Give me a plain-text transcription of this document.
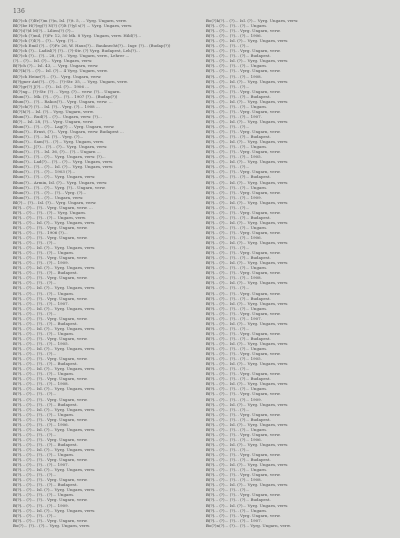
136
Bl(?)ch (?)lfr(?)m (?)n, Isl. (?)t. 5, ... Vyrg. Ungarn, verw.
Bl(?)be H(?)rg(?) N(?) (?)lt (?)yl s(?) ... Vyrg. Ungarn, verw.
Bl(?)i(?)d M(?)... Lilien(?) (?)...
Bl(?)ch (?)mil, (?)Fr. 12, 50 Mk. 8 Vyrg. Ungarn, verw. Hild(?)...
Bl(?)ch (?)l(?)... (?)... Vyrg. (?)...
Bl(?)ch Emil (?)... (?)Fr. 26, W. Haus(?)... Bauknecht(?)... Ingr. (?)... (Budap(?))
Bl(?)ch (?)... Ladisl(?) (?)... (?)-Str. (?) Vyrg. Budapest, Leh(?)...
Bl(?)ch (?)... (?)... 28, (?)... Vyrg. Ungarn, verw., Lehrer ...
(?)... (?)... Isl. (?)... Vyrg. Ungarn, verw.
B(?)ch (?)... Isl. 43, ... Vyrg. Ungarn, verw.
Bl(?)k(?)... (?)... Isl. (?)... 4 Vyrg. Ungarn, verw.
Bl(?)ch Heinr(?)... (?)... Vyrg. Ungarn, verw.
B(?)gner Ant(?)... (?)... (?)-Str. 35, ... Vyrg. Ungarn, verw.
Bl(?)gr(?) J(?)... (?)... Isl. (?)... 1906 ...
Bl(?)ng... (?)-Str. (?) ... Vyrg. (?)... verw. (?)... Ungarn.
Blum(?)... Mk. (?)... (?)... (?)... 1907 (?)... (Budap(?))
Blum(?)... (?)... Rakos(?)... Vyrg. Ungarn, verw. ...
Bl(?)ch(?) (?)... Isl. (?)... Vyrg. (?)... 1908 ...
Bl(?)h(?)... Isl. (?)... Vyrg. Ungarn, verw.
Blum(?)... Rud(?)... (?)... Ungarn, verw. (?)...
Bl(?)... Isl. 28, (?)... Vyrg. Ungarn, verw.
Blum(?)... (?)... (?)... Lag(?) ... Vyrg. Ungarn, verw.
Blum(?)... Ernst, (?)... Vyrg. Ungarn, verw. Budapest ...
Blum(?)... (?)... Isl. (?)... Vyrg. (?)...
Blum(?)... Sam(?)... (?)... Vyrg. Ungarn, verw.
Blum(?)... J(?)... (?)... (?)... Vyrg. Ungarn, verw.
Blum(?)... (?)... Isl. 36, (?)... (?)... Ungarn ...
Blum(?)... (?)... (?)... Vyrg. Ungarn, verw. (?)...
Blum(?)... Lad(?)... (?)... (?)... Vyrg. Ungarn, verw.
Blum(?)... (?)... (?)... Isl. (?)... Vyrg. Ungarn, verw.
Blum(?)... (?)... (?)... 1903 (?)...
Blum(?)... (?)... (?)... Vyrg. Ungarn, verw.
Blum(?)... Armin, Isl. (?)... Vyrg. Ungarn, verw.
Blum(?)... (?)... (?)... Vyrg. (?)... Ungarn, verw.
Blum(?)... (?)... (?)... (?)... Vyrg. (?)...
Blum(?)... (?)... (?)... Ungarn, verw.
Bl(?)... (?)... Isl. (?)... Vyrg. Ungarn, verw.
B(?)... (?)... (?)... Vyrg. Ungarn, verw. ...
B(?)... (?)... (?)... (?)... Vyrg. Ungarn.
B(?)... (?)... (?)... (?)... Ungarn, verw.
B(?)... (?)... Isl. (?)... Vyrg. Ungarn, verw.
B(?)... (?)... (?)... Vyrg. Ungarn, verw.
B(?)... (?)... (?)... 1906 (?)...
B(?)... (?)... (?)... Vyrg. Ungarn, verw.
B(?)... (?)... (?)... (?)...
B(?)... (?)... Isl. (?)... Vyrg. Ungarn, verw.
B(?)... (?)... (?)... (?)... Ungarn.
B(?)... (?)... (?)... Vyrg. Ungarn, verw.
B(?)... (?)... (?)... (?)... 1909.
B(?)... (?)... Isl. (?)... Vyrg. Ungarn, verw.
B(?)... (?)... (?)... (?)... Budapest.
B(?)... (?)... (?)... Vyrg. Ungarn, verw.
B(?)... (?)... (?)... (?)...
B(?)... (?)... Isl. (?)... Vyrg. Ungarn, verw.
B(?)... (?)... (?)... (?)... Ungarn.
B(?)... (?)... (?)... Vyrg. Ungarn, verw.
B(?)... (?)... (?)... (?)... 1907.
B(?)... (?)... Isl. (?)... Vyrg. Ungarn, verw.
B(?)... (?)... (?)... (?)...
B(?)... (?)... (?)... Vyrg. Ungarn, verw.
B(?)... (?)... (?)... (?)... Budapest.
B(?)... (?)... Isl. (?)... Vyrg. Ungarn, verw.
B(?)... (?)... (?)... (?)... Ungarn.
B(?)... (?)... (?)... Vyrg. Ungarn, verw.
B(?)... (?)... (?)... (?)... 1905.
B(?)... (?)... Isl. (?)... Vyrg. Ungarn, verw.
B(?)... (?)... (?)... (?)...
B(?)... (?)... (?)... Vyrg. Ungarn, verw.
B(?)... (?)... (?)... (?)... Budapest.
B(?)... (?)... Isl. (?)... Vyrg. Ungarn, verw.
B(?)... (?)... (?)... (?)... Ungarn.
B(?)... (?)... (?)... Vyrg. Ungarn, verw.
B(?)... (?)... (?)... (?)... 1908.
B(?)... (?)... Isl. (?)... Vyrg. Ungarn, verw.
B(?)... (?)... (?)... (?)...
B(?)... (?)... (?)... Vyrg. Ungarn, verw.
B(?)... (?)... (?)... (?)... Budapest.
B(?)... (?)... Isl. (?)... Vyrg. Ungarn, verw.
B(?)... (?)... (?)... (?)... Ungarn.
B(?)... (?)... (?)... Vyrg. Ungarn, verw.
B(?)... (?)... (?)... (?)... 1906.
B(?)... (?)... Isl. (?)... Vyrg. Ungarn, verw.
B(?)... (?)... (?)... (?)...
B(?)... (?)... (?)... Vyrg. Ungarn, verw.
B(?)... (?)... (?)... (?)... Budapest.
B(?)... (?)... Isl. (?)... Vyrg. Ungarn, verw.
B(?)... (?)... (?)... (?)... Ungarn.
B(?)... (?)... (?)... Vyrg. Ungarn, verw.
B(?)... (?)... (?)... (?)... 1907.
B(?)... (?)... Isl. (?)... Vyrg. Ungarn, verw.
B(?)... (?)... (?)... (?)...
B(?)... (?)... (?)... Vyrg. Ungarn, verw.
B(?)... (?)... (?)... (?)... Budapest.
B(?)... (?)... Isl. (?)... Vyrg. Ungarn, verw.
B(?)... (?)... (?)... (?)... Ungarn.
B(?)... (?)... (?)... Vyrg. Ungarn, verw.
B(?)... (?)... (?)... (?)... 1909.
B(?)... (?)... Isl. (?)... Vyrg. Ungarn, verw.
B(?)... (?)... (?)... (?)...
B(?)... (?)... (?)... Vyrg. Ungarn, verw.
Bo(?)... (?)... (?)... Vyrg. Ungarn, verw.
Bo(?)k(?)... (?)... Isl. (?)... Vyrg. Ungarn, verw.
B(?)... (?)... (?)... (?)... Ungarn.
B(?)... (?)... (?)... Vyrg. Ungarn, verw.
B(?)... (?)... (?)... (?)... 1906.
B(?)... (?)... Isl. (?)... Vyrg. Ungarn, verw.
B(?)... (?)... (?)... (?)...
B(?)... (?)... (?)... Vyrg. Ungarn, verw.
B(?)... (?)... (?)... (?)... Budapest.
B(?)... (?)... Isl. (?)... Vyrg. Ungarn, verw.
B(?)... (?)... (?)... (?)... Ungarn.
B(?)... (?)... (?)... Vyrg. Ungarn, verw.
B(?)... (?)... (?)... (?)... 1908.
B(?)... (?)... Isl. (?)... Vyrg. Ungarn, verw.
B(?)... (?)... (?)... (?)...
B(?)... (?)... (?)... Vyrg. Ungarn, verw.
B(?)... (?)... (?)... (?)... Budapest.
B(?)... (?)... Isl. (?)... Vyrg. Ungarn, verw.
B(?)... (?)... (?)... (?)... Ungarn.
B(?)... (?)... (?)... Vyrg. Ungarn, verw.
B(?)... (?)... (?)... (?)... 1907.
B(?)... (?)... Isl. (?)... Vyrg. Ungarn, verw.
B(?)... (?)... (?)... (?)...
B(?)... (?)... (?)... Vyrg. Ungarn, verw.
B(?)... (?)... (?)... (?)... Budapest.
B(?)... (?)... Isl. (?)... Vyrg. Ungarn, verw.
B(?)... (?)... (?)... (?)... Ungarn.
B(?)... (?)... (?)... Vyrg. Ungarn, verw.
B(?)... (?)... (?)... (?)... 1905.
B(?)... (?)... Isl. (?)... Vyrg. Ungarn, verw.
B(?)... (?)... (?)... (?)...
B(?)... (?)... (?)... Vyrg. Ungarn, verw.
B(?)... (?)... (?)... (?)... Budapest.
B(?)... (?)... Isl. (?)... Vyrg. Ungarn, verw.
B(?)... (?)... (?)... (?)... Ungarn.
B(?)... (?)... (?)... Vyrg. Ungarn, verw.
B(?)... (?)... (?)... (?)... 1909.
B(?)... (?)... Isl. (?)... Vyrg. Ungarn, verw.
B(?)... (?)... (?)... (?)...
B(?)... (?)... (?)... Vyrg. Ungarn, verw.
B(?)... (?)... (?)... (?)... Budapest.
B(?)... (?)... Isl. (?)... Vyrg. Ungarn, verw.
B(?)... (?)... (?)... (?)... Ungarn.
B(?)... (?)... (?)... Vyrg. Ungarn, verw.
B(?)... (?)... (?)... (?)... 1906.
B(?)... (?)... Isl. (?)... Vyrg. Ungarn, verw.
B(?)... (?)... (?)... (?)...
B(?)... (?)... (?)... Vyrg. Ungarn, verw.
B(?)... (?)... (?)... (?)... Budapest.
B(?)... (?)... Isl. (?)... Vyrg. Ungarn, verw.
B(?)... (?)... (?)... (?)... Ungarn.
B(?)... (?)... (?)... Vyrg. Ungarn, verw.
B(?)... (?)... (?)... (?)... 1908.
B(?)... (?)... Isl. (?)... Vyrg. Ungarn, verw.
B(?)... (?)... (?)... (?)...
B(?)... (?)... (?)... Vyrg. Ungarn, verw.
B(?)... (?)... (?)... (?)... Budapest.
B(?)... (?)... Isl. (?)... Vyrg. Ungarn, verw.
B(?)... (?)... (?)... (?)... Ungarn.
B(?)... (?)... (?)... Vyrg. Ungarn, verw.
B(?)... (?)... (?)... (?)... 1907.
B(?)... (?)... Isl. (?)... Vyrg. Ungarn, verw.
B(?)... (?)... (?)... (?)...
B(?)... (?)... (?)... Vyrg. Ungarn, verw.
B(?)... (?)... (?)... (?)... Budapest.
B(?)... (?)... Isl. (?)... Vyrg. Ungarn, verw.
B(?)... (?)... (?)... (?)... Ungarn.
B(?)... (?)... (?)... Vyrg. Ungarn, verw.
B(?)... (?)... (?)... (?)... 1905.
B(?)... (?)... Isl. (?)... Vyrg. Ungarn, verw.
B(?)... (?)... (?)... (?)...
B(?)... (?)... (?)... Vyrg. Ungarn, verw.
B(?)... (?)... (?)... (?)... Budapest.
B(?)... (?)... Isl. (?)... Vyrg. Ungarn, verw.
B(?)... (?)... (?)... (?)... Ungarn.
B(?)... (?)... (?)... Vyrg. Ungarn, verw.
B(?)... (?)... (?)... (?)... 1909.
B(?)... (?)... Isl. (?)... Vyrg. Ungarn, verw.
B(?)... (?)... (?)... (?)...
B(?)... (?)... (?)... Vyrg. Ungarn, verw.
B(?)... (?)... (?)... (?)... Budapest.
B(?)... (?)... Isl. (?)... Vyrg. Ungarn, verw.
B(?)... (?)... (?)... (?)... Ungarn.
B(?)... (?)... (?)... Vyrg. Ungarn, verw.
B(?)... (?)... (?)... (?)... 1906.
B(?)... (?)... Isl. (?)... Vyrg. Ungarn, verw.
B(?)... (?)... (?)... (?)...
B(?)... (?)... (?)... Vyrg. Ungarn, verw.
B(?)... (?)... (?)... (?)... Budapest.
B(?)... (?)... Isl. (?)... Vyrg. Ungarn, verw.
B(?)... (?)... (?)... (?)... Ungarn.
B(?)... (?)... (?)... Vyrg. Ungarn, verw.
B(?)... (?)... (?)... (?)... 1908.
B(?)... (?)... Isl. (?)... Vyrg. Ungarn, verw.
B(?)... (?)... (?)... (?)...
B(?)... (?)... (?)... Vyrg. Ungarn, verw.
B(?)... (?)... (?)... (?)... Budapest.
B(?)... (?)... Isl. (?)... Vyrg. Ungarn, verw.
B(?)... (?)... (?)... (?)... Ungarn.
B(?)... (?)... (?)... Vyrg. Ungarn, verw.
B(?)... (?)... (?)... (?)... 1907.
Bo(?)n(?)... (?)... (?)... Vyrg. Ungarn, verw.
